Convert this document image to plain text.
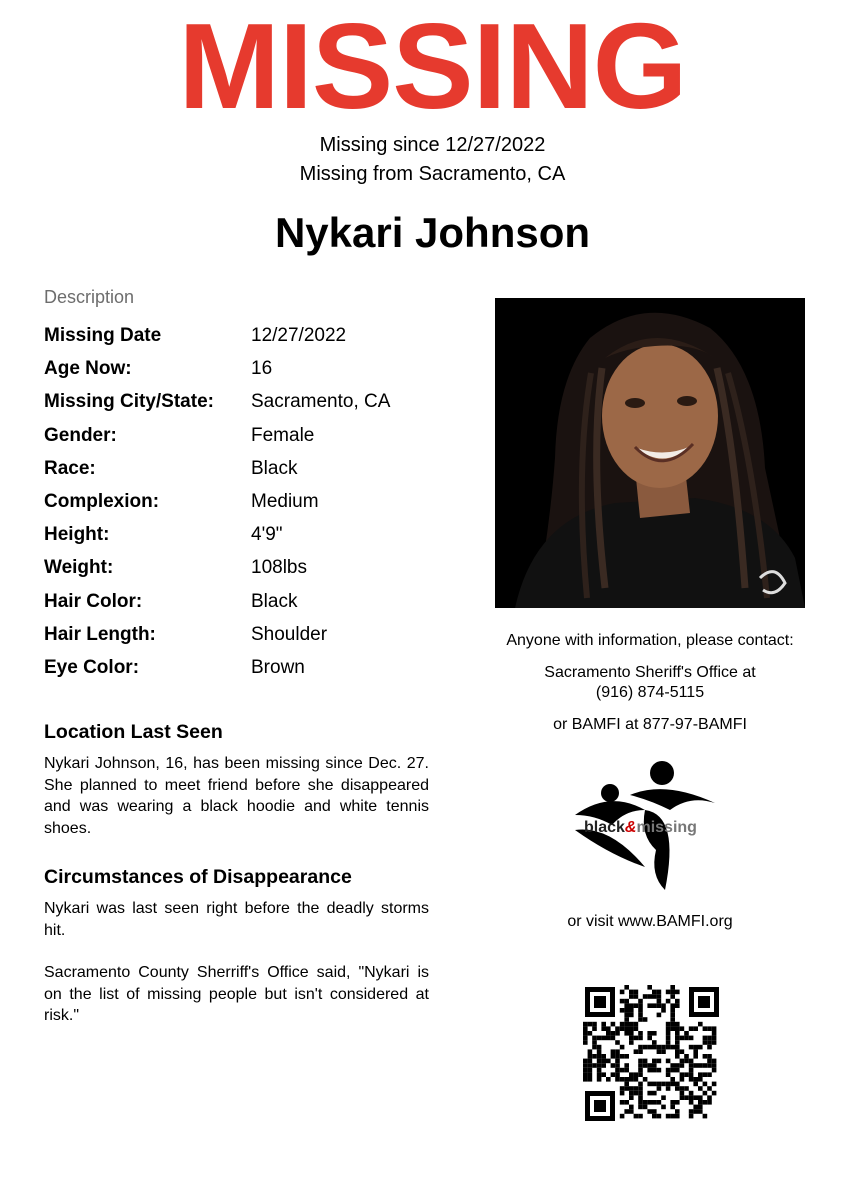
MISSING
Missing since 12/27/2022
Missing from Sacramento, CA
Nykari Johnson
Description
Missing Date	12/27/2022
Age Now:	16
Missing City/State: Sacramento, CA
Gender:	Female
Race:	Black
Complexion:	Medium
Height:	4'9"
Weight:	108lbs
Hair Color:	Black
Hair Length:	Shoulder
Eye Color:	Brown
Location Last Seen
Nykari Johnson, 16, has been missing since Dec. 27. She planned to meet friend before she disappeared and was wearing a black hoodie and white tennis shoes.
Circumstances of Disappearance
Nykari was last seen right before the deadly storms hit.
Sacramento County Sherriff's Office said, "Nykari is on the list of missing people but isn't considered at risk."
Anyone with information, please contact:
Sacramento Sheriff's Office at
(916) 874-5115
or BAMFI at 877-97-BAMFI
black&missing
or visit www.BAMFI.org
